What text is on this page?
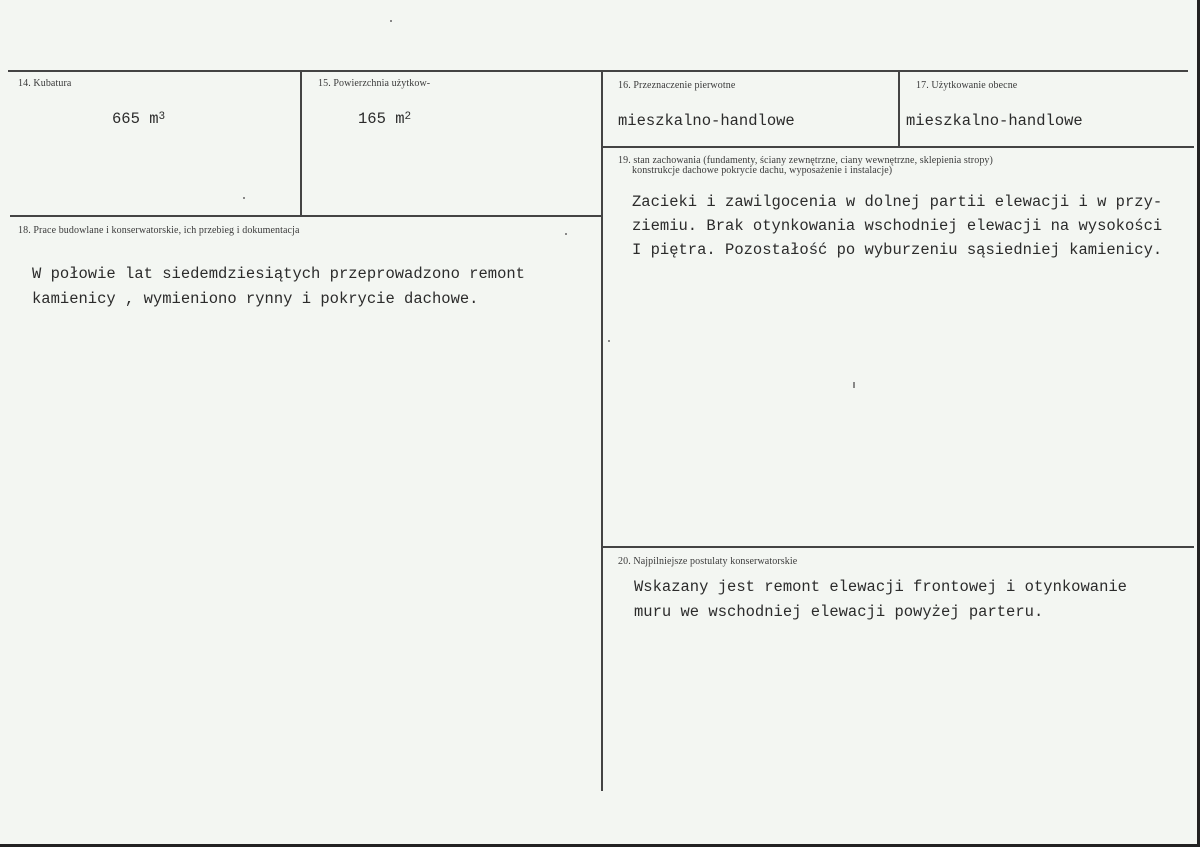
14. Kubatura
665 $m^3$
15. Powierzchnia użytkow-
165 $m^2$
16. Przeznaczenie pierwotne
mieszkalno-handlowe
17. Użytkowanie obecne
mieszkalno-handlowe
18. Prace budowlane i konserwatorskie, ich przebieg i dokumentacja
W połowie lat siedemdziesiątych przeprowadzono remont
kamienicy , wymieniono rynny i pokrycie dachowe.
19. stan zachowania (fundamenty, ściany zewnętrzne, ciany wewnętrzne, sklepienia stropy)
konstrukcje dachowe pokrycie dachu, wyposażenie i instalacje)
Zacieki i zawilgocenia w dolnej partii elewacji i w przy-
ziemiu. Brak otynkowania wschodniej elewacji na wysokości
I piętra. Pozostałość po wyburzeniu sąsiedniej kamienicy.
20. Najpilniejsze postulaty konserwatorskie
Wskazany jest remont elewacji frontowej i otynkowanie
muru we wschodniej elewacji powyżej parteru.
